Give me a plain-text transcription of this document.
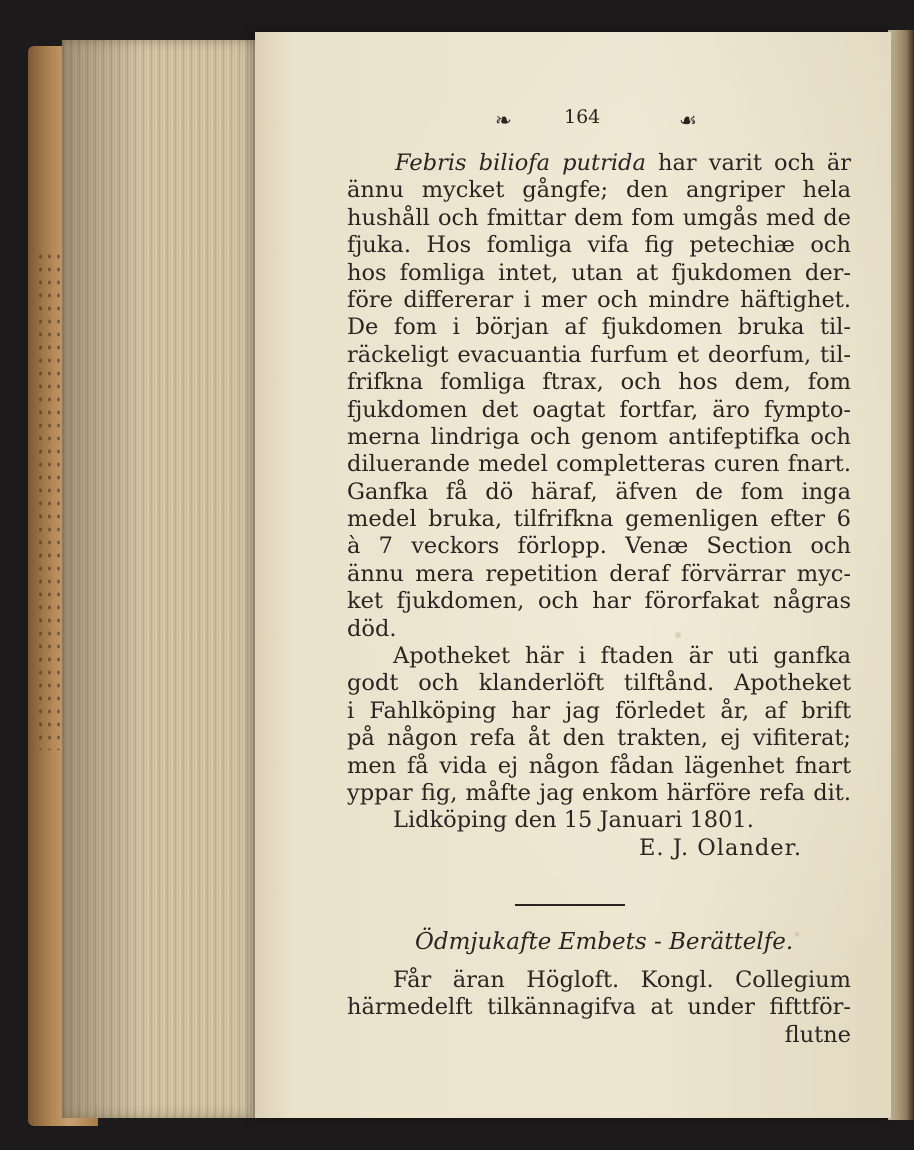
❧	164	☙
Febris biliofa putrida har varit och är
ännu mycket gångfe; den angriper hela
hushåll och fmittar dem fom umgås med de
fjuka. Hos fomliga vifa fig petechiæ och
hos fomliga intet, utan at fjukdomen der-
före differerar i mer och mindre häftighet.
De fom i början af fjukdomen bruka til-
räckeligt evacuantia furfum et deorfum, til-
frifkna fomliga ftrax, och hos dem, fom
fjukdomen det oagtat fortfar, äro fympto-
merna lindriga och genom antifeptifka och
diluerande medel completteras curen fnart.
Ganfka få dö häraf, äfven de fom inga
medel bruka, tilfrifkna gemenligen efter 6
à 7 veckors förlopp. Venæ Section och
ännu mera repetition deraf förvärrar myc-
ket fjukdomen, och har förorfakat någras
död.
Apotheket här i ftaden är uti ganfka
godt och klanderlöft tilftånd. Apotheket
i Fahlköping har jag förledet år, af brift
på någon refa åt den trakten, ej vifiterat;
men få vida ej någon fådan lägenhet fnart
yppar fig, måfte jag enkom härföre refa dit.
Lidköping den 15 Januari 1801.
E. J. Olander.
Ödmjukafte Embets - Berättelfe.
Får äran Högloft. Kongl. Collegium
härmedelft tilkännagifva at under fifttför-
flutne
